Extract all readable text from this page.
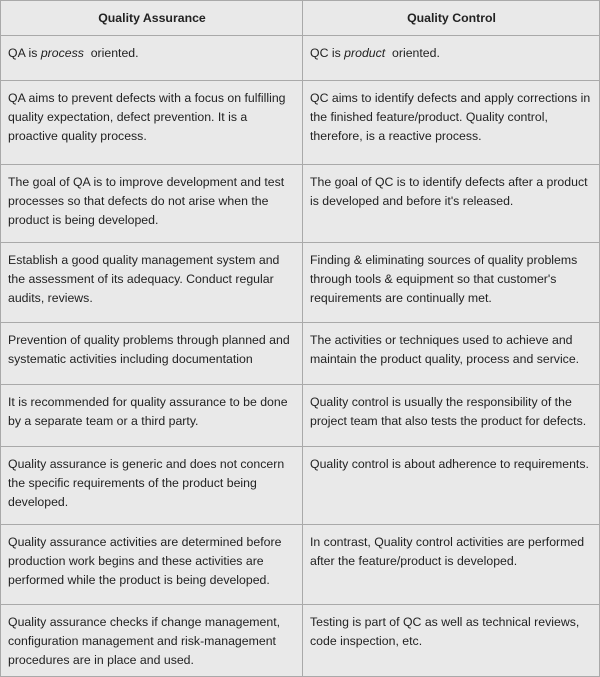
Quality Assurance	Quality Control
QA is process  oriented.	QC is product  oriented.
QA aims to prevent defects with a focus on fulfilling quality expectation, defect prevention. It is a proactive quality process.	QC aims to identify defects and apply corrections in the finished feature/product. Quality control, therefore, is a reactive process.
The goal of QA is to improve development and test processes so that defects do not arise when the product is being developed.	The goal of QC is to identify defects after a product is developed and before it's released.
Establish a good quality management system and the assessment of its adequacy. Conduct regular audits, reviews.	Finding & eliminating sources of quality problems through tools & equipment so that customer's requirements are continually met.
Prevention of quality problems through planned and systematic activities including documentation	The activities or techniques used to achieve and maintain the product quality, process and service.
It is recommended for quality assurance to be done by a separate team or a third party.	Quality control is usually the responsibility of the project team that also tests the product for defects.
Quality assurance is generic and does not concern the specific requirements of the product being developed.	Quality control is about adherence to requirements.
Quality assurance activities are determined before production work begins and these activities are performed while the product is being developed.	In contrast, Quality control activities are performed after the feature/product is developed.
Quality assurance checks if change management, configuration management and risk-management procedures are in place and used.	Testing is part of QC as well as technical reviews, code inspection, etc.
